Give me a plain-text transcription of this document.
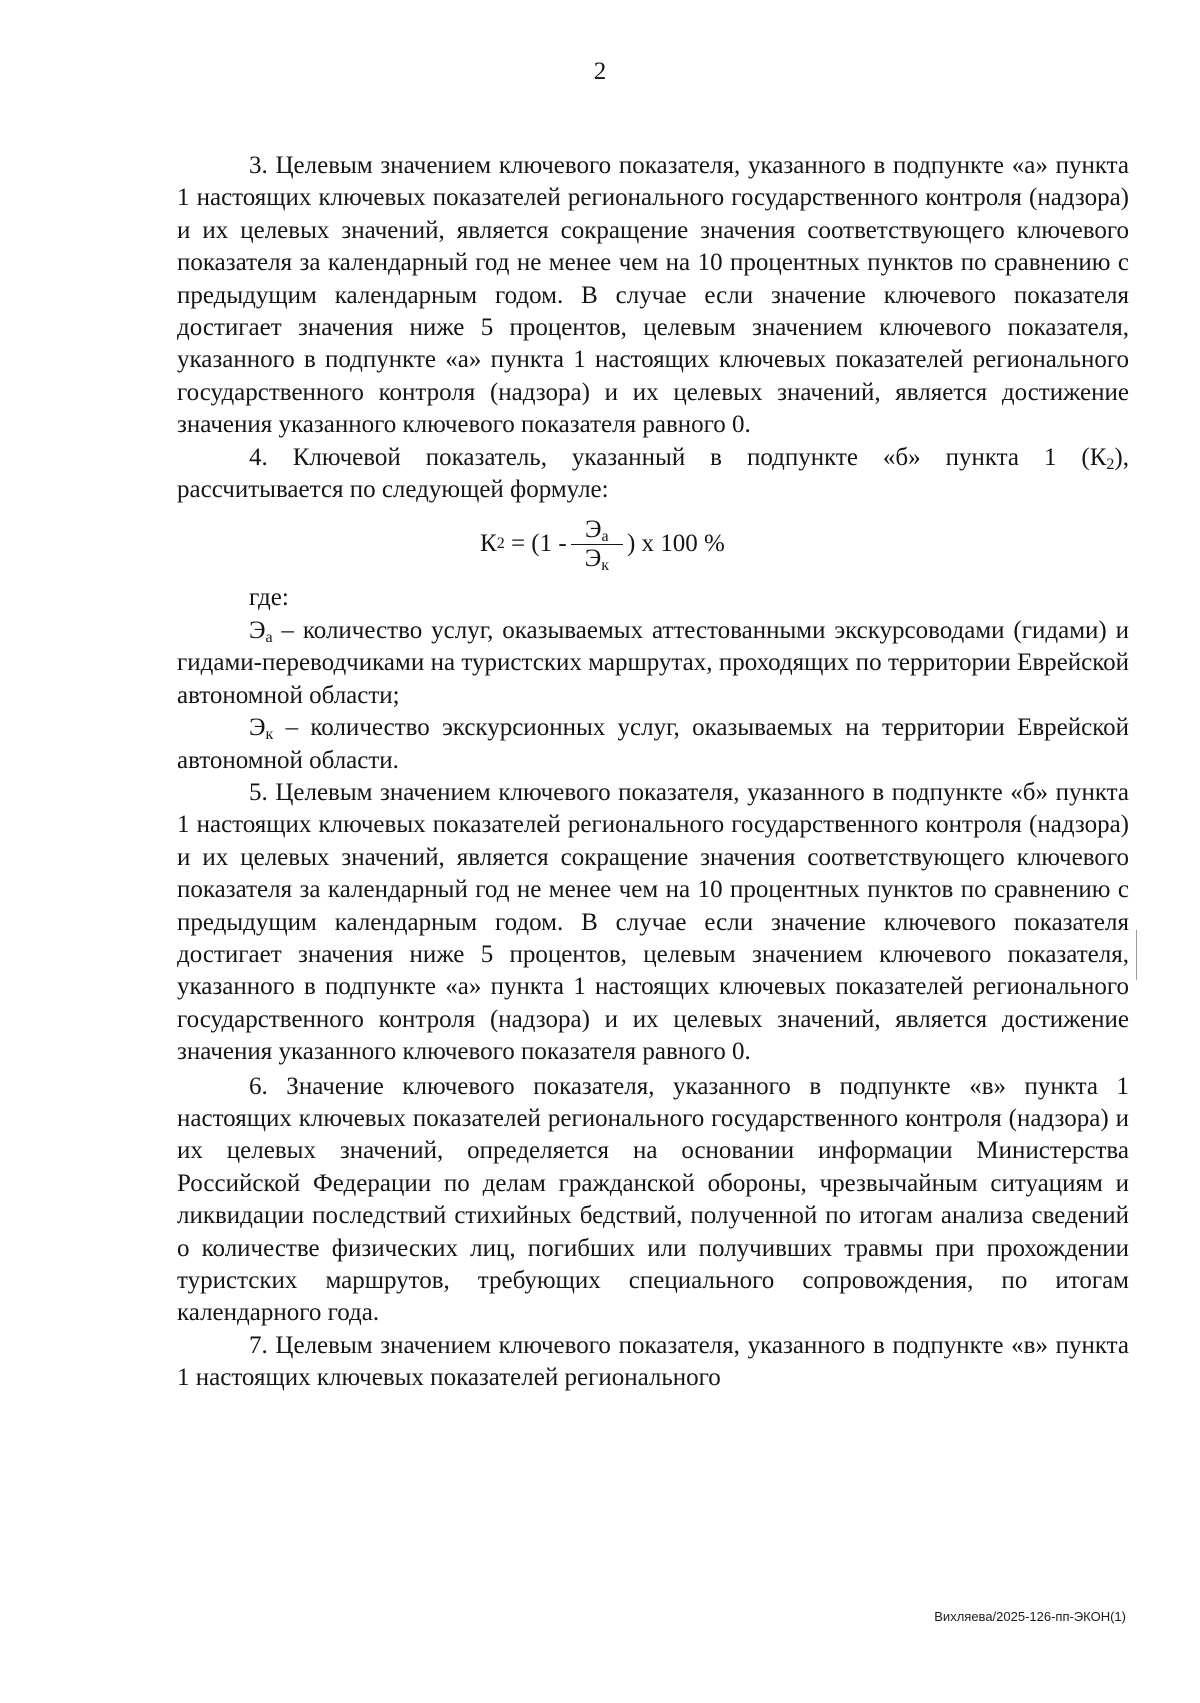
2

3. Целевым значением ключевого показателя, указанного в подпункте «а» пункта 1 настоящих ключевых показателей регионального государственного контроля (надзора) и их целевых значений, является сокращение значения соответствующего ключевого показателя за календарный год не менее чем на 10 процентных пунктов по сравнению с предыдущим календарным годом. В случае если значение ключевого показателя достигает значения ниже 5 процентов, целевым значением ключевого показателя, указанного в подпункте «а» пункта 1 настоящих ключевых показателей регионального государственного контроля (надзора) и их целевых значений, является достижение значения указанного ключевого показателя равного 0.

4. Ключевой показатель, указанный в подпункте «б» пункта 1 $(К_2)$, рассчитывается по следующей формуле:

К $2 = (1 - \frac{Э_а}{Э_к}$ ) х 100 %

где:

$Э_а$ – количество услуг, оказываемых аттестованными экскурсоводами (гидами) и гидами-переводчиками на туристских маршрутах, проходящих по территории Еврейской автономной области;

$Э_к$ – количество экскурсионных услуг, оказываемых на территории Еврейской автономной области.

5. Целевым значением ключевого показателя, указанного в подпункте «б» пункта 1 настоящих ключевых показателей регионального государственного контроля (надзора) и их целевых значений, является сокращение значения соответствующего ключевого показателя за календарный год не менее чем на 10 процентных пунктов по сравнению с предыдущим календарным годом. В случае если значение ключевого показателя достигает значения ниже 5 процентов, целевым значением ключевого показателя, указанного в подпункте «а» пункта 1 настоящих ключевых показателей регионального государственного контроля (надзора) и их целевых значений, является достижение значения указанного ключевого показателя равного 0.

6. Значение ключевого показателя, указанного в подпункте «в» пункта 1 настоящих ключевых показателей регионального государственного контроля (надзора) и их целевых значений, определяется на основании информации Министерства Российской Федерации по делам гражданской обороны, чрезвычайным ситуациям и ликвидации последствий стихийных бедствий, полученной по итогам анализа сведений о количестве физических лиц, погибших или получивших травмы при прохождении туристских маршрутов, требующих специального сопровождения, по итогам календарного года.

7. Целевым значением ключевого показателя, указанного в подпункте «в» пункта 1 настоящих ключевых показателей регионального

Вихляева/2025-126-пп-ЭКОН(1)
